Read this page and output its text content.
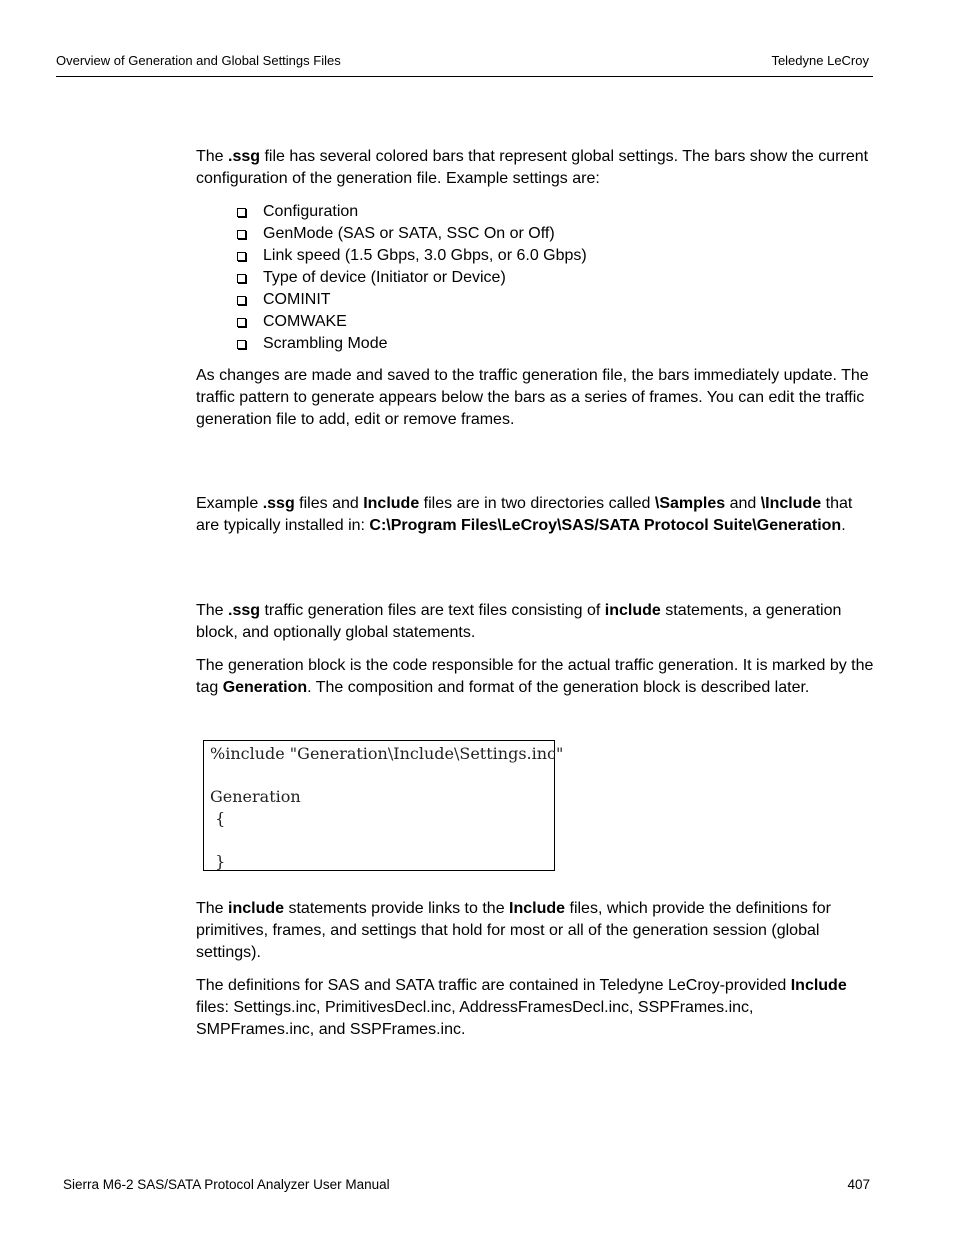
Overview of Generation and Global Settings Files	Teledyne LeCroy

The .ssg file has several colored bars that represent global settings. The bars show the current configuration of the generation file. Example settings are:

Configuration
GenMode (SAS or SATA, SSC On or Off)
Link speed (1.5 Gbps, 3.0 Gbps, or 6.0 Gbps)
Type of device (Initiator or Device)
COMINIT
COMWAKE
Scrambling Mode

As changes are made and saved to the traffic generation file, the bars immediately update. The traffic pattern to generate appears below the bars as a series of frames. You can edit the traffic generation file to add, edit or remove frames.

Example .ssg files and Include files are in two directories called \Samples and \Include that are typically installed in: C:\Program Files\LeCroy\SAS/SATA Protocol Suite\Generation.

The .ssg traffic generation files are text files consisting of include statements, a generation block, and optionally global statements.

The generation block is the code responsible for the actual traffic generation. It is marked by the tag Generation. The composition and format of the generation block is described later.

%include "Generation\Include\Settings.inc"
Generation
{
}

The include statements provide links to the Include files, which provide the definitions for primitives, frames, and settings that hold for most or all of the generation session (global settings).

The definitions for SAS and SATA traffic are contained in Teledyne LeCroy-provided Include files: Settings.inc, PrimitivesDecl.inc, AddressFramesDecl.inc, SSPFrames.inc, SMPFrames.inc, and SSPFrames.inc.

Sierra M6-2 SAS/SATA Protocol Analyzer User Manual	407
